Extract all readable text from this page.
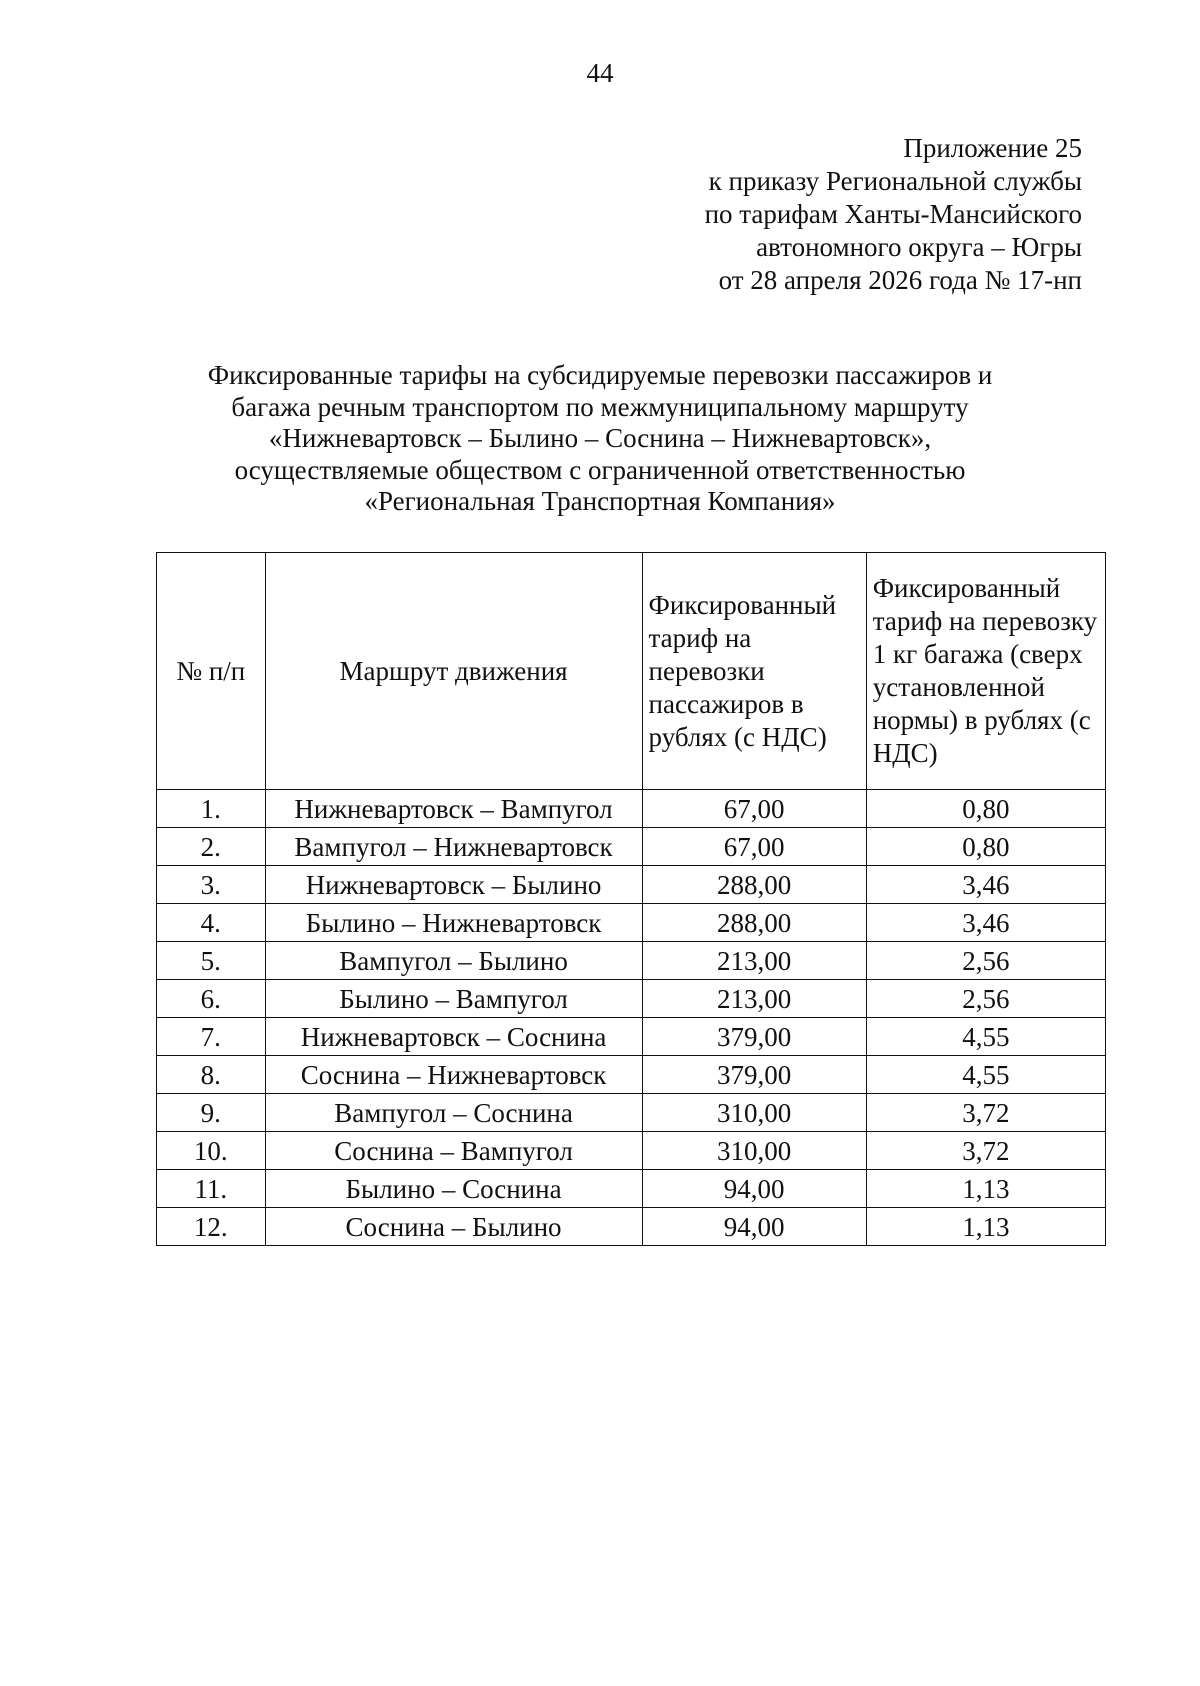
44
Приложение 25
к приказу Региональной службы
по тарифам Ханты-Мансийского
автономного округа – Югры
от 28 апреля 2026 года № 17-нп
Фиксированные тарифы на субсидируемые перевозки пассажиров и
багажа речным транспортом по межмуниципальному маршруту
«Нижневартовск – Былино – Соснина – Нижневартовск»,
осуществляемые обществом с ограниченной ответственностью
«Региональная Транспортная Компания»
№ п/п	Маршрут движения	Фиксированный тариф на перевозки пассажиров в рублях (с НДС)	Фиксированный тариф на перевозку 1 кг багажа (сверх установленной нормы) в рублях (с НДС)
1.	Нижневартовск – Вампугол	67,00	0,80
2.	Вампугол – Нижневартовск	67,00	0,80
3.	Нижневартовск – Былино	288,00	3,46
4.	Былино – Нижневартовск	288,00	3,46
5.	Вампугол – Былино	213,00	2,56
6.	Былино – Вампугол	213,00	2,56
7.	Нижневартовск – Соснина	379,00	4,55
8.	Соснина – Нижневартовск	379,00	4,55
9.	Вампугол – Соснина	310,00	3,72
10.	Соснина – Вампугол	310,00	3,72
11.	Былино – Соснина	94,00	1,13
12.	Соснина – Былино	94,00	1,13
